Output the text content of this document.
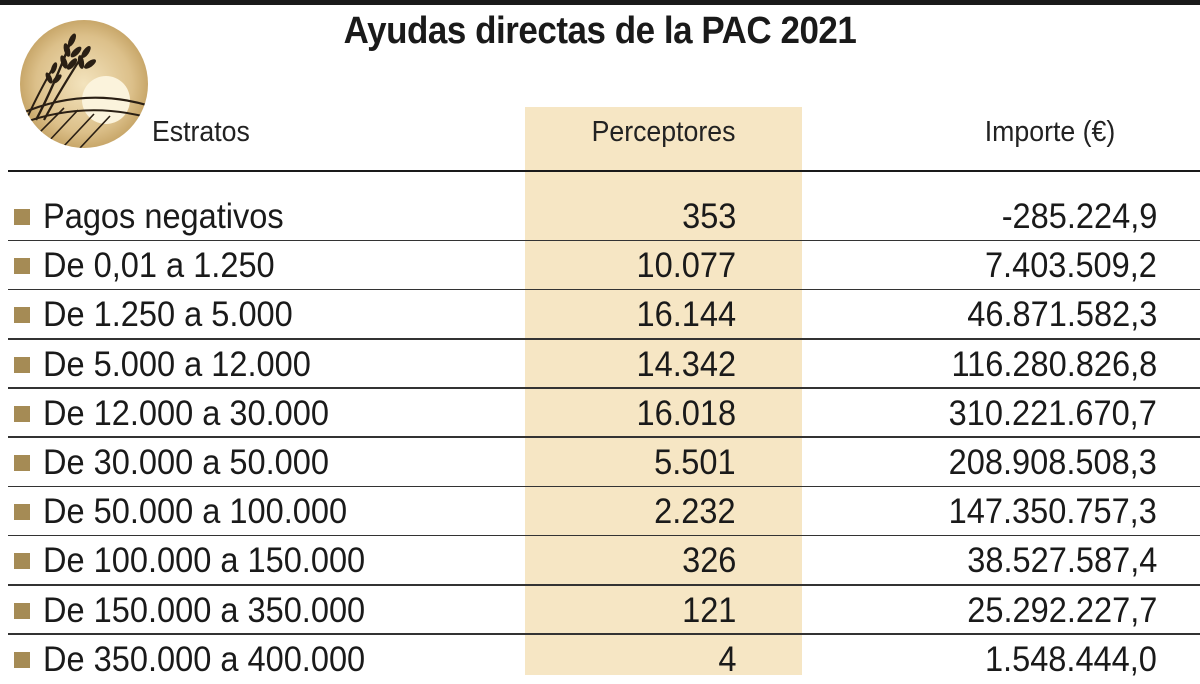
Ayudas directas de la PAC 2021
Estratos	Perceptores	Importe (€)
Pagos negativos	353	-285.224,9
De 0,01 a 1.250	10.077	7.403.509,2
De 1.250 a 5.000	16.144	46.871.582,3
De 5.000 a 12.000	14.342	116.280.826,8
De 12.000 a 30.000	16.018	310.221.670,7
De 30.000 a 50.000	5.501	208.908.508,3
De 50.000 a 100.000	2.232	147.350.757,3
De 100.000 a 150.000	326	38.527.587,4
De 150.000 a 350.000	121	25.292.227,7
De 350.000 a 400.000	4	1.548.444,0
